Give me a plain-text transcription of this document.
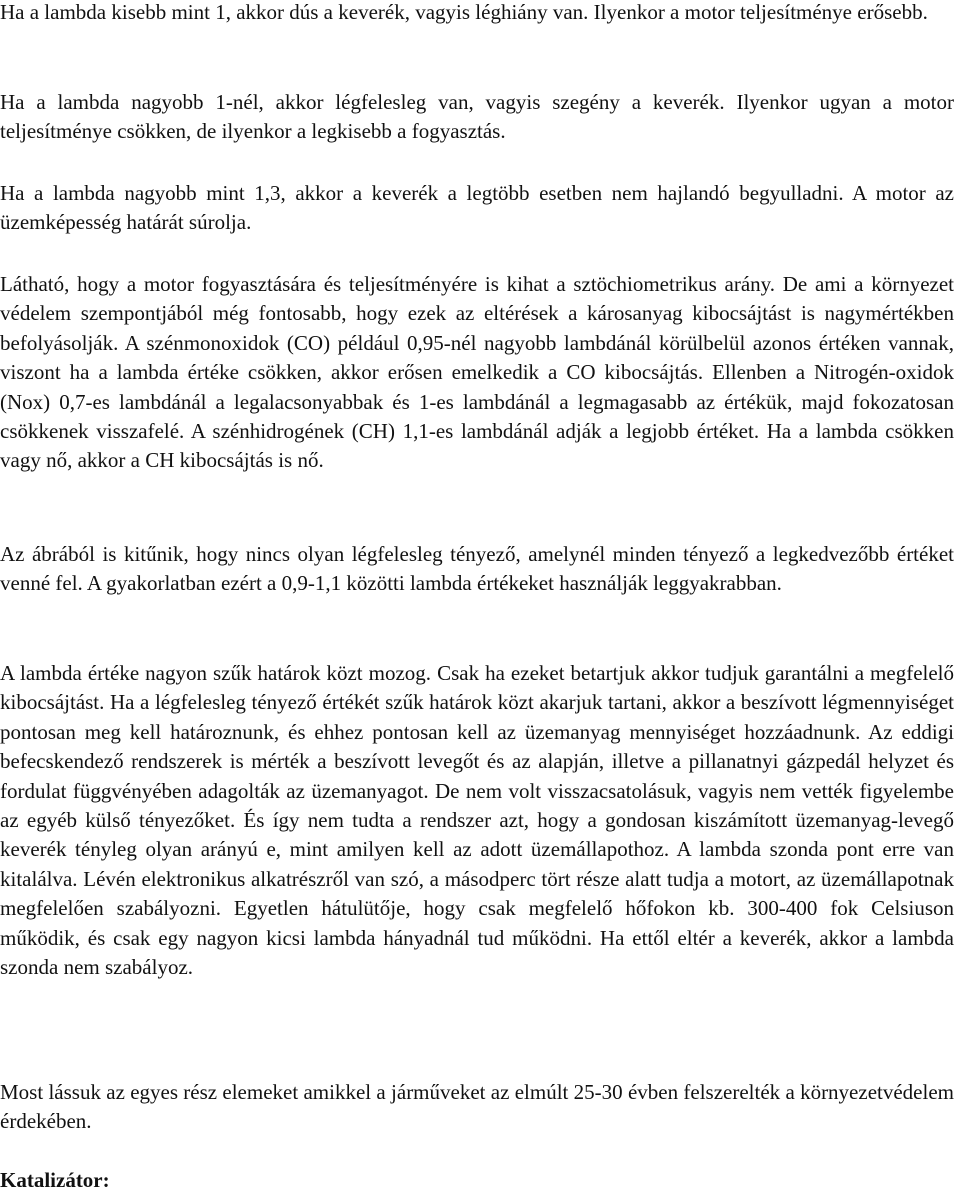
Ha a lambda kisebb mint 1, akkor dús a keverék, vagyis léghiány van. Ilyenkor a motor teljesítménye erősebb.

Ha a lambda nagyobb 1-nél, akkor légfelesleg van, vagyis szegény a keverék. Ilyenkor ugyan a motor teljesítménye csökken, de ilyenkor a legkisebb a fogyasztás.

Ha a lambda nagyobb mint 1,3, akkor a keverék a legtöbb esetben nem hajlandó begyulladni. A motor az üzemképesség határát súrolja.

Látható, hogy a motor fogyasztására és teljesítményére is kihat a sztöchiometrikus arány. De ami a környezet védelem szempontjából még fontosabb, hogy ezek az eltérések a károsanyag kibocsájtást is nagymértékben befolyásolják. A szénmonoxidok (CO) például 0,95-nél nagyobb lambdánál körülbelül azonos értéken vannak, viszont ha a lambda értéke csökken, akkor erősen emelkedik a CO kibocsájtás. Ellenben a Nitrogén-oxidok (Nox) 0,7-es lambdánál a legalacsonyabbak és 1-es lambdánál a legmagasabb az értékük, majd fokozatosan csökkenek visszafelé. A szénhidrogének (CH) 1,1-es lambdánál adják a legjobb értéket. Ha a lambda csökken vagy nő, akkor a CH kibocsájtás is nő.

Az ábrából is kitűnik, hogy nincs olyan légfelesleg tényező, amelynél minden tényező a legkedvezőbb értéket venné fel. A gyakorlatban ezért a 0,9-1,1 közötti lambda értékeket használják leggyakrabban.

A lambda értéke nagyon szűk határok közt mozog. Csak ha ezeket betartjuk akkor tudjuk garantálni a megfelelő kibocsájtást. Ha a légfelesleg tényező értékét szűk határok közt akarjuk tartani, akkor a beszívott légmennyiséget pontosan meg kell határoznunk, és ehhez pontosan kell az üzemanyag mennyiséget hozzáadnunk. Az eddigi befecskendező rendszerek is mérték a beszívott levegőt és az alapján, illetve a pillanatnyi gázpedál helyzet és fordulat függvényében adagolták az üzemanyagot. De nem volt visszacsatolásuk, vagyis nem vették figyelembe az egyéb külső tényezőket. És így nem tudta a rendszer azt, hogy a gondosan kiszámított üzemanyag-levegő keverék tényleg olyan arányú e, mint amilyen kell az adott üzemállapothoz. A lambda szonda pont erre van kitalálva. Lévén elektronikus alkatrészről van szó, a másodperc tört része alatt tudja a motort, az üzemállapotnak megfelelően szabályozni. Egyetlen hátulütője, hogy csak megfelelő hőfokon kb. 300-400 fok Celsiuson működik, és csak egy nagyon kicsi lambda hányadnál tud működni. Ha ettől eltér a keverék, akkor a lambda szonda nem szabályoz.

Most lássuk az egyes rész elemeket amikkel a járműveket az elmúlt 25-30 évben felszerelték a környezetvédelem érdekében.

Katalizátor:
